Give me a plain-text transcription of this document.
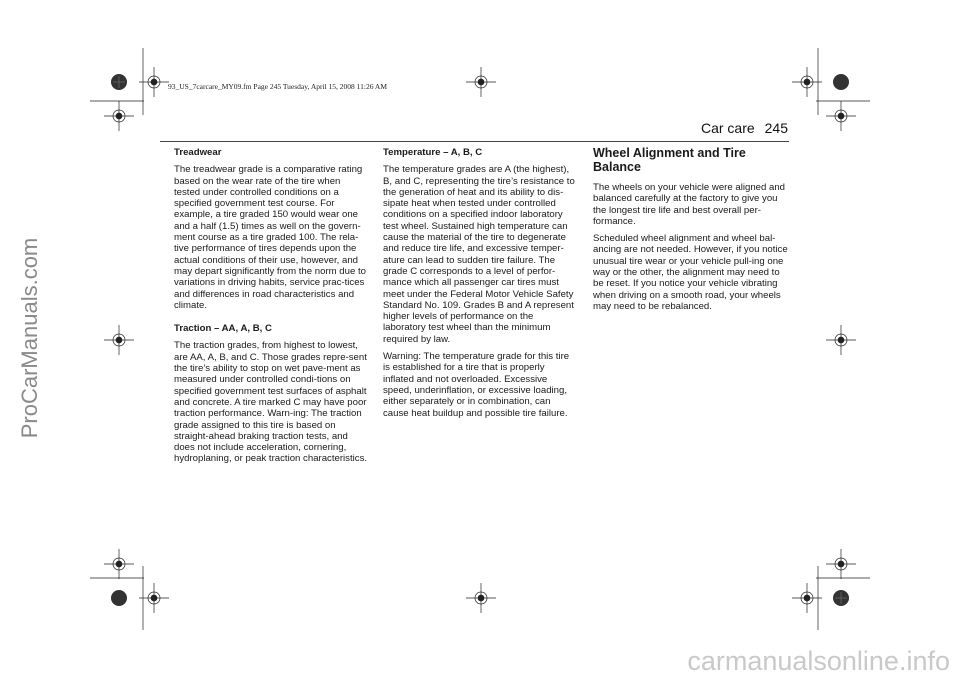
93_US_7carcare_MY09.fm Page 245 Tuesday, April 15, 2008 11:26 AM
Car care 245
Treadwear

The treadwear grade is a comparative rating based on the wear rate of the tire when tested under controlled conditions on a specified government test course. For example, a tire graded 150 would wear one and a half (1.5) times as well on the govern-ment course as a tire graded 100. The rela-tive performance of tires depends upon the actual conditions of their use, however, and may depart significantly from the norm due to variations in driving habits, service prac-tices and differences in road characteristics and climate.

Traction – AA, A, B, C

The traction grades, from highest to lowest, are AA, A, B, and C. Those grades repre-sent the tire’s ability to stop on wet pave-ment as measured under controlled condi-tions on specified government test surfaces of asphalt and concrete. A tire marked C may have poor traction performance. Warn-ing: The traction grade assigned to this tire is based on straight-ahead braking traction tests, and does not include acceleration, cornering, hydroplaning, or peak traction characteristics.

Temperature – A, B, C

The temperature grades are A (the highest), B, and C, representing the tire’s resistance to the generation of heat and its ability to dis-sipate heat when tested under controlled conditions on a specified indoor laboratory test wheel. Sustained high temperature can cause the material of the tire to degenerate and reduce tire life, and excessive temper-ature can lead to sudden tire failure. The grade C corresponds to a level of perfor-mance which all passenger car tires must meet under the Federal Motor Vehicle Safety Standard No. 109. Grades B and A represent higher levels of performance on the laboratory test wheel than the minimum required by law.

Warning: The temperature grade for this tire is established for a tire that is properly inflated and not overloaded. Excessive speed, underinflation, or excessive loading, either separately or in combination, can cause heat buildup and possible tire failure.

Wheel Alignment and Tire Balance

The wheels on your vehicle were aligned and balanced carefully at the factory to give you the longest tire life and best overall per-formance.

Scheduled wheel alignment and wheel bal-ancing are not needed. However, if you notice unusual tire wear or your vehicle pull-ing one way or the other, the alignment may need to be reset. If you notice your vehicle vibrating when driving on a smooth road, your wheels may need to be rebalanced.

ProCarManuals.com
carmanualsonline.info
